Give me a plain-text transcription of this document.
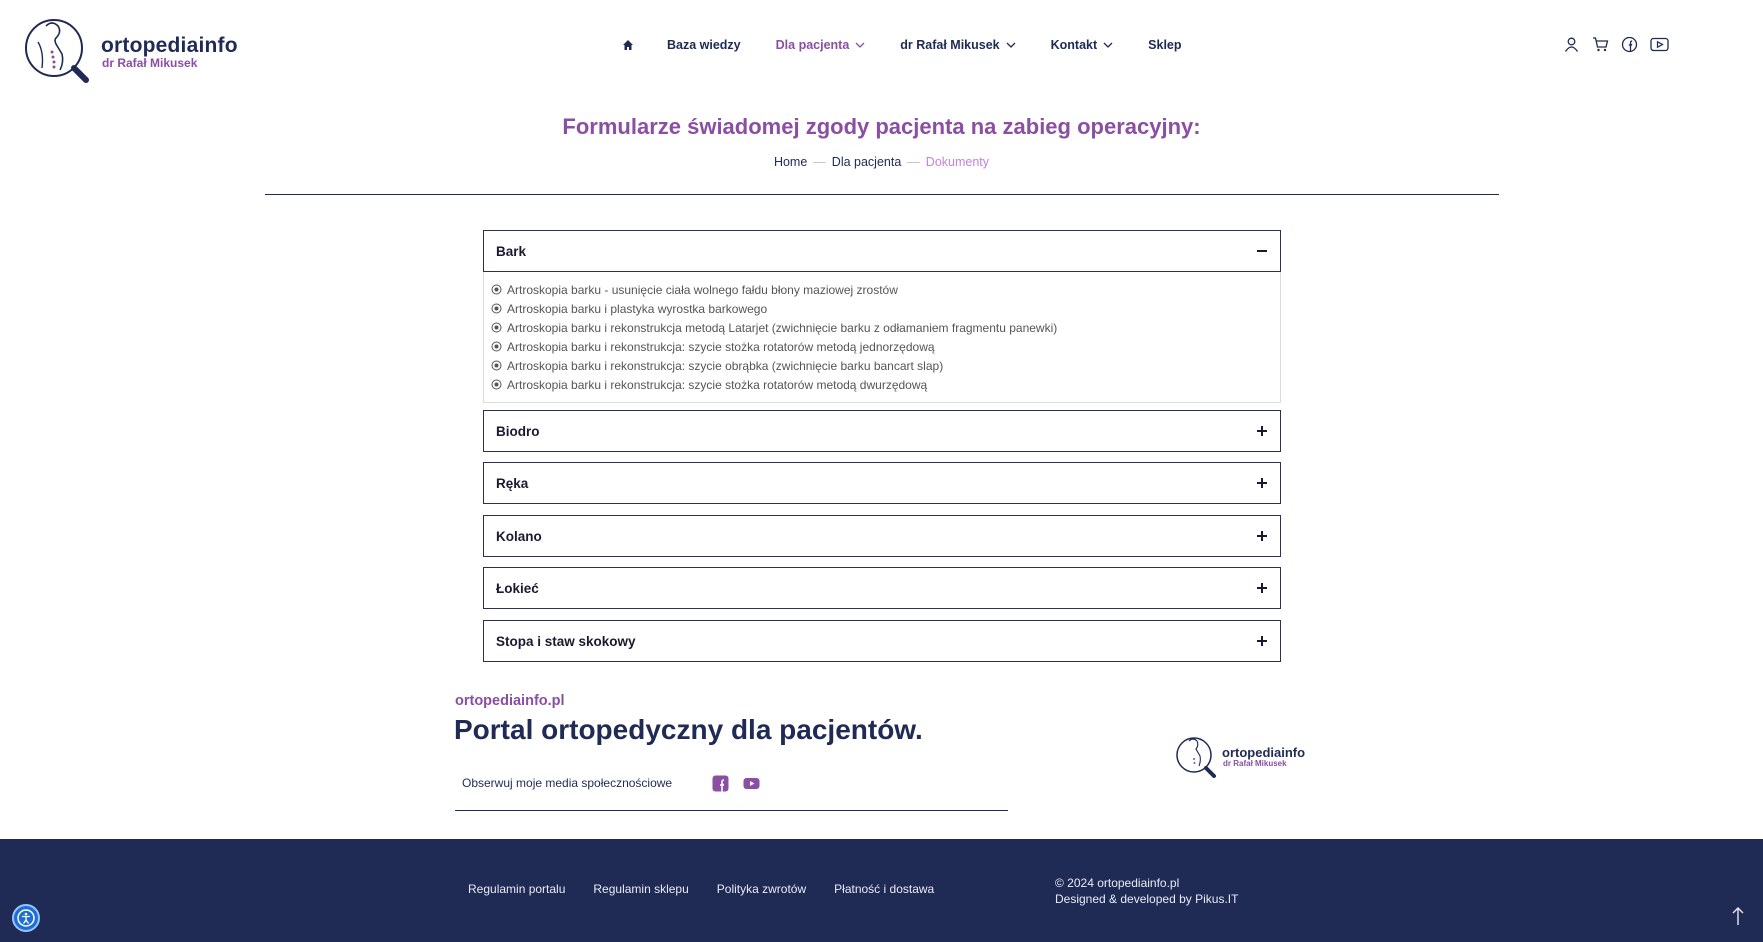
ortopediainfo
dr Rafał Mikusek
Baza wiedzy	Dla pacjenta	dr Rafał Mikusek	Kontakt	Sklep
Formularze świadomej zgody pacjenta na zabieg operacyjny:
Home — Dla pacjenta — Dokumenty
Bark
Artroskopia barku - usunięcie ciała wolnego fałdu błony maziowej zrostów
Artroskopia barku i plastyka wyrostka barkowego
Artroskopia barku i rekonstrukcja metodą Latarjet (zwichnięcie barku z odłamaniem fragmentu panewki)
Artroskopia barku i rekonstrukcja: szycie stożka rotatorów metodą jednorzędową
Artroskopia barku i rekonstrukcja: szycie obrąbka (zwichnięcie barku bancart slap)
Artroskopia barku i rekonstrukcja: szycie stożka rotatorów metodą dwurzędową
Biodro
Ręka
Kolano
Łokieć
Stopa i staw skokowy
ortopediainfo.pl
Portal ortopedyczny dla pacjentów.
Obserwuj moje media społecznościowe
ortopediainfo
dr Rafał Mikusek
Regulamin portalu Regulamin sklepu Polityka zwrotów Płatność i dostawa	© 2024 ortopediainfo.pl
Designed & developed by Pikus.IT
